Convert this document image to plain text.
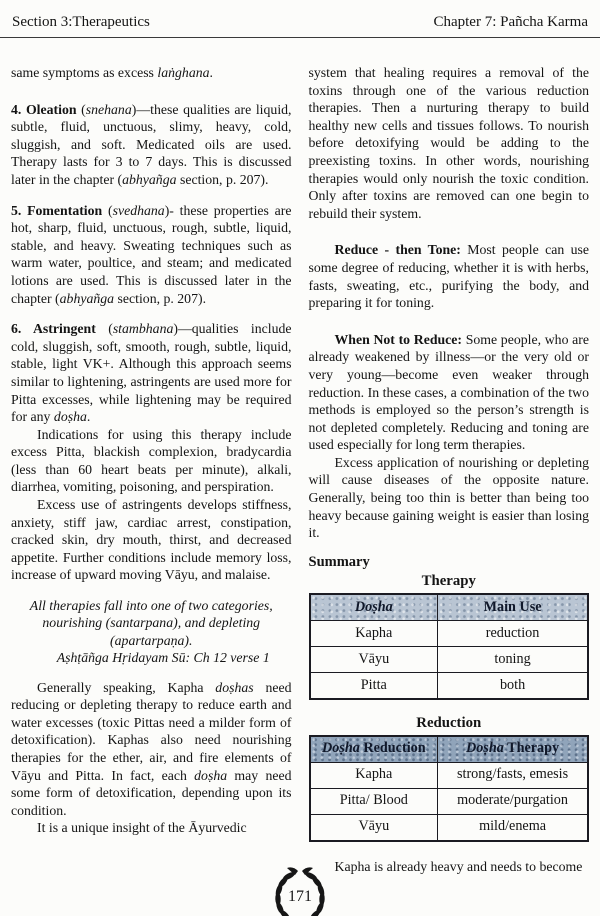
Section 3:Therapeutics	Chapter 7: Pañcha Karma

same symptoms as excess laṅghana.

4. Oleation (snehana)—these qualities are liquid, subtle, fluid, unctuous, slimy, heavy, cold, sluggish, and soft. Medicated oils are used. Therapy lasts for 3 to 7 days. This is discussed later in the chapter (abhyañga section, p. 207).

5. Fomentation (svedhana)- these properties are hot, sharp, fluid, unctuous, rough, subtle, liquid, stable, and heavy. Sweating techniques such as warm water, poultice, and steam; and medicated lotions are used. This is discussed later in the chapter (abhyañga section, p. 207).

6. Astringent (stambhana)—qualities include cold, sluggish, soft, smooth, rough, subtle, liquid, stable, light VK+. Although this approach seems similar to lightening, astringents are used more for Pitta excesses, while lightening may be required for any doṣha.

Indications for using this therapy include excess Pitta, blackish complexion, bradycardia (less than 60 heart beats per minute), alkali, diarrhea, vomiting, poisoning, and perspiration.

Excess use of astringents develops stiffness, anxiety, stiff jaw, cardiac arrest, constipation, cracked skin, dry mouth, thirst, and decreased appetite. Further conditions include memory loss, increase of upward moving Vāyu, and malaise.

All therapies fall into one of two categories, nourishing (santarpana), and depleting (apartarpaṇa).

Aṣhṭāñga Hṛidayam Sū: Ch 12 verse 1

Generally speaking, Kapha doṣhas need reducing or depleting therapy to reduce earth and water excesses (toxic Pittas need a milder form of detoxification). Kaphas also need nourishing therapies for the ether, air, and fire elements of Vāyu and Pitta. In fact, each doṣha may need some form of detoxification, depending upon its condition.

It is a unique insight of the Āyurvedic

system that healing requires a removal of the toxins through one of the various reduction therapies. Then a nurturing therapy to build healthy new cells and tissues follows. To nourish before detoxifying would be adding to the preexisting toxins. In other words, nourishing therapies would only nourish the toxic condition. Only after toxins are removed can one begin to rebuild their system.

Reduce - then Tone: Most people can use some degree of reducing, whether it is with herbs, fasts, sweating, etc., purifying the body, and preparing it for toning.

When Not to Reduce: Some people, who are already weakened by illness—or the very old or very young—become even weaker through reduction. In these cases, a combination of the two methods is employed so the person’s strength is not depleted completely. Reducing and toning are used especially for long term therapies.

Excess application of nourishing or depleting will cause diseases of the opposite nature. Generally, being too thin is better than being too heavy because gaining weight is easier than losing it.

Summary
Therapy
Doṣha	Main Use
Kapha	reduction
Vāyu	toning
Pitta	both
Reduction
Doṣha Reduction	Doṣha Therapy
Kapha	strong/fasts, emesis
Pitta/ Blood	moderate/purgation
Vāyu	mild/enema

Kapha is already heavy and needs to become

171
